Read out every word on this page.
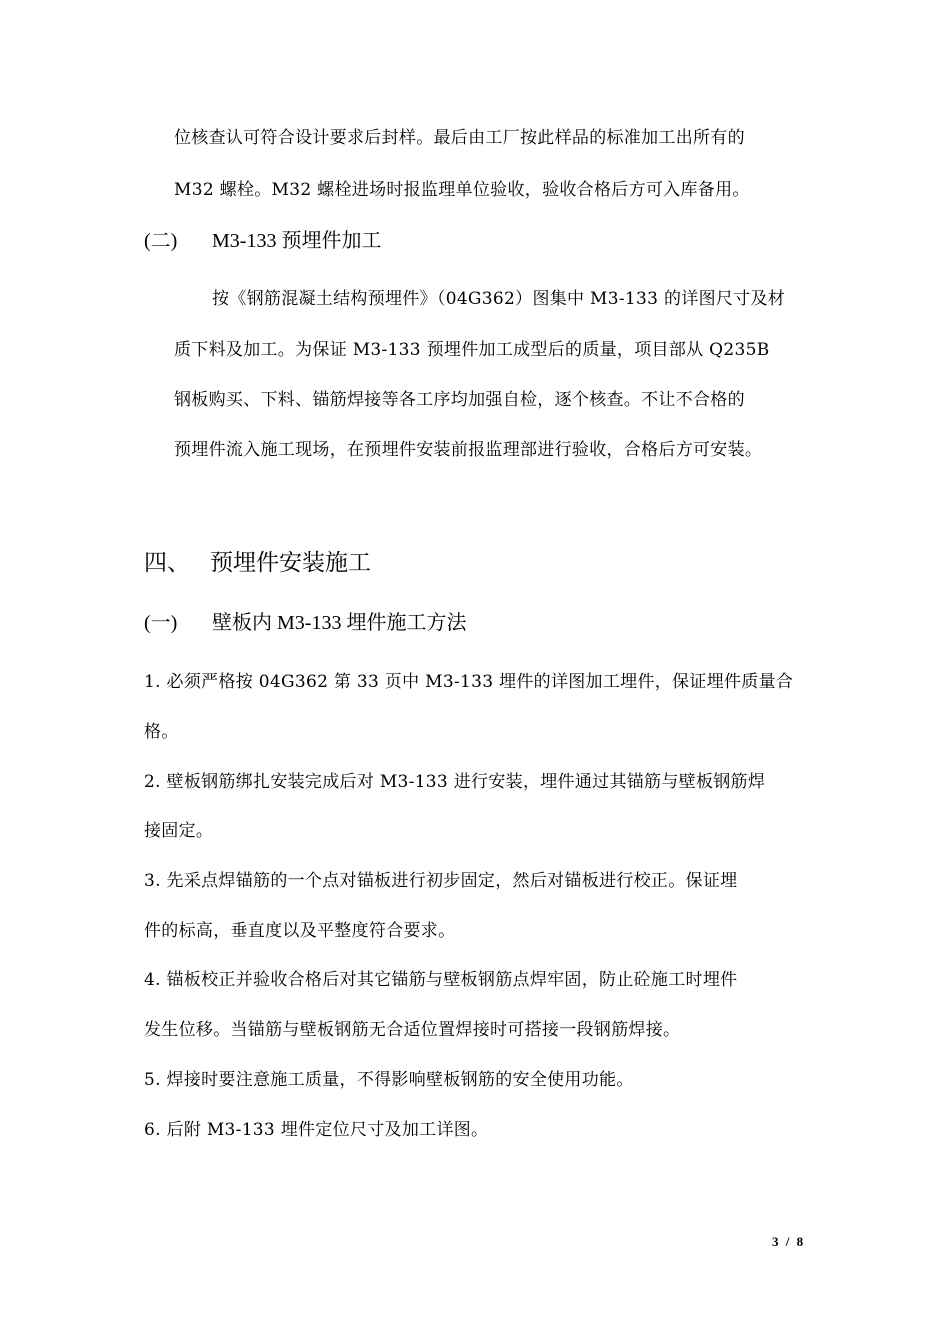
位核查认可符合设计要求后封样。最后由工厂按此样品的标准加工出所有的
M32 螺栓。M32 螺栓进场时报监理单位验收，验收合格后方可入库备用。
(二) M3-133 预埋件加工
按《钢筋混凝土结构预埋件》（04G362）图集中 M3-133 的详图尺寸及材
质下料及加工。为保证 M3-133 预埋件加工成型后的质量，项目部从 Q235B
钢板购买、下料、锚筋焊接等各工序均加强自检，逐个核查。不让不合格的
预埋件流入施工现场，在预埋件安装前报监理部进行验收，合格后方可安装。
四、 预埋件安装施工
(一) 壁板内 M3-133 埋件施工方法
1. 必须严格按 04G362 第 33 页中 M3-133 埋件的详图加工埋件，保证埋件质量合
格。
2. 壁板钢筋绑扎安装完成后对 M3-133 进行安装，埋件通过其锚筋与壁板钢筋焊
接固定。
3. 先采点焊锚筋的一个点对锚板进行初步固定，然后对锚板进行校正。保证埋
件的标高，垂直度以及平整度符合要求。
4. 锚板校正并验收合格后对其它锚筋与壁板钢筋点焊牢固，防止砼施工时埋件
发生位移。当锚筋与壁板钢筋无合适位置焊接时可搭接一段钢筋焊接。
5. 焊接时要注意施工质量，不得影响壁板钢筋的安全使用功能。
6. 后附 M3-133 埋件定位尺寸及加工详图。
3 / 8
